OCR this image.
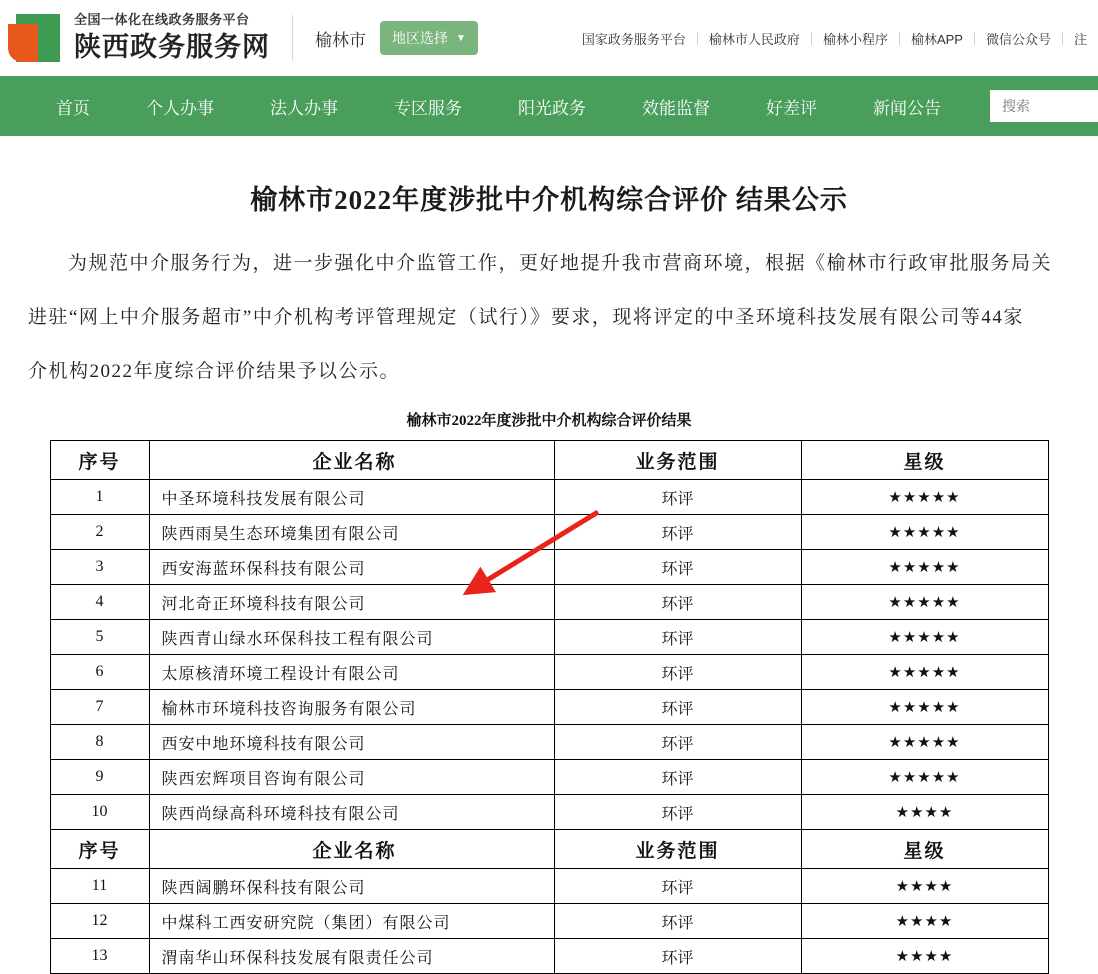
全国一体化在线政务服务平台
陕西政务服务网	榆林市 地区选择 ▼	国家政务服务平台	榆林市人民政府	榆林小程序	榆林APP	微信公众号	注
首页	个人办事	法人办事	专区服务	阳光政务	效能监督	好差评	新闻公告
搜索
榆林市2022年度涉批中介机构综合评价 结果公示
为规范中介服务行为，进一步强化中介监管工作，更好地提升我市营商环境，根据《榆林市行政审批服务局关
进驻“网上中介服务超市”中介机构考评管理规定（试行）》要求，现将评定的中圣环境科技发展有限公司等44家
介机构2022年度综合评价结果予以公示。
榆林市2022年度涉批中介机构综合评价结果
序号	企业名称	业务范围	星级
1	中圣环境科技发展有限公司	环评	★★★★★
2	陕西雨昊生态环境集团有限公司	环评	★★★★★
3	西安海蓝环保科技有限公司	环评	★★★★★
4	河北奇正环境科技有限公司	环评	★★★★★
5	陕西青山绿水环保科技工程有限公司	环评	★★★★★
6	太原核清环境工程设计有限公司	环评	★★★★★
7	榆林市环境科技咨询服务有限公司	环评	★★★★★
8	西安中地环境科技有限公司	环评	★★★★★
9	陕西宏辉项目咨询有限公司	环评	★★★★★
10	陕西尚绿高科环境科技有限公司	环评	★★★★
序号	企业名称	业务范围	星级
11	陕西阔鹏环保科技有限公司	环评	★★★★
12	中煤科工西安研究院（集团）有限公司	环评	★★★★
13	渭南华山环保科技发展有限责任公司	环评	★★★★
